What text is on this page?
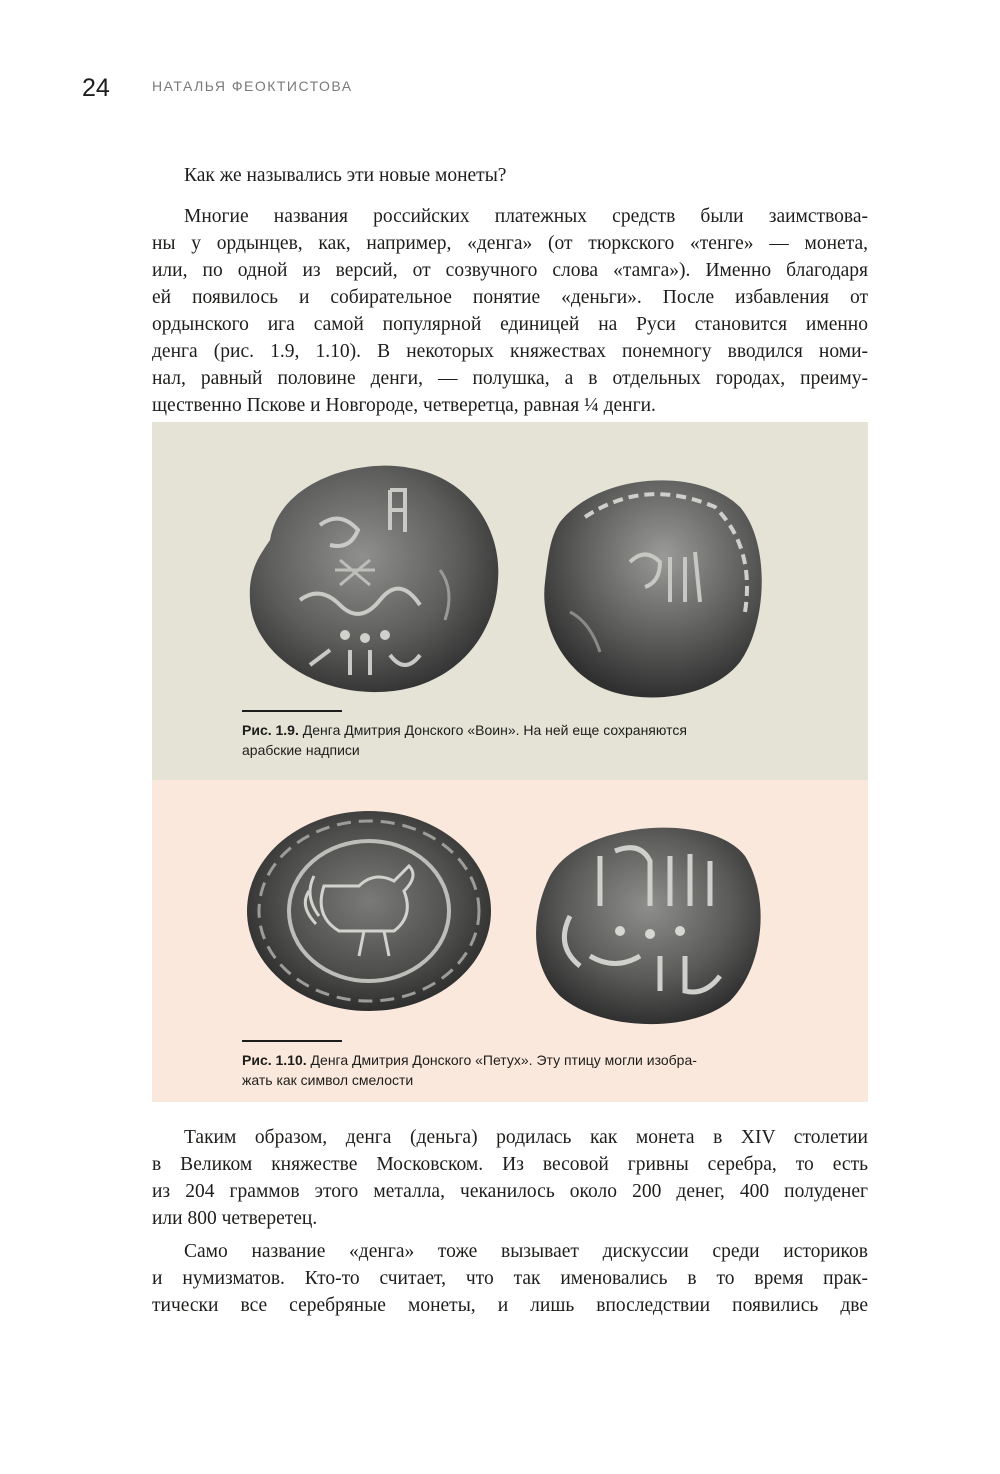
24	НАТАЛЬЯ ФЕОКТИСТОВА
Как же назывались эти новые монеты?
Многие названия российских платежных средств были заимствова-
ны у ордынцев, как, например, «денга» (от тюркского «тенге» — монета,
или, по одной из версий, от созвучного слова «тамга»). Именно благодаря
ей появилось и собирательное понятие «деньги». После избавления от
ордынского ига самой популярной единицей на Руси становится именно
денга (рис. 1.9, 1.10). В некоторых княжествах понемногу вводился номи-
нал, равный половине денги, — полушка, а в отдельных городах, преиму-
щественно Пскове и Новгороде, четверетца, равная ¼ денги.
Рис. 1.9. Денга Дмитрия Донского «Воин». На ней еще сохраняются
арабские надписи
Рис. 1.10. Денга Дмитрия Донского «Петух». Эту птицу могли изобра-
жать как символ смелости
Таким образом, денга (деньга) родилась как монета в XIV столетии
в Великом княжестве Московском. Из весовой гривны серебра, то есть
из 204 граммов этого металла, чеканилось около 200 денег, 400 полуденег
или 800 четверетец.
Само название «денга» тоже вызывает дискуссии среди историков
и нумизматов. Кто-то считает, что так именовались в то время прак-
тически все серебряные монеты, и лишь впоследствии появились две
